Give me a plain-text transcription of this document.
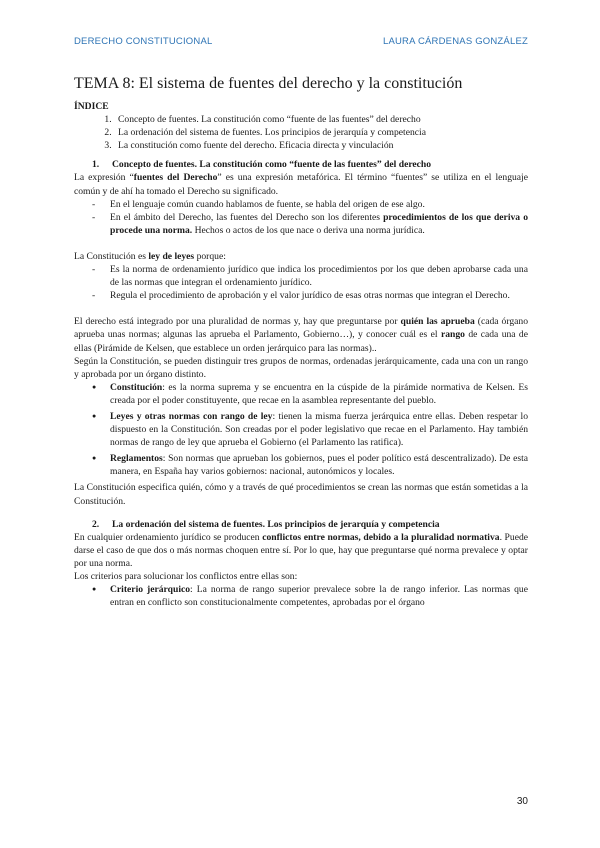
DERECHO CONSTITUCIONAL	LAURA CÁRDENAS GONZÁLEZ
TEMA 8: El sistema de fuentes del derecho y la constitución

ÍNDICE

1. Concepto de fuentes. La constitución como “fuente de las fuentes” del derecho
2. La ordenación del sistema de fuentes. Los principios de jerarquía y competencia
3. La constitución como fuente del derecho. Eficacia directa y vinculación

1. Concepto de fuentes. La constitución como “fuente de las fuentes” del derecho

La expresión “fuentes del Derecho” es una expresión metafórica. El término “fuentes” se utiliza en el lenguaje común y de ahí ha tomado el Derecho su significado.

- En el lenguaje común cuando hablamos de fuente, se habla del origen de ese algo.
- En el ámbito del Derecho, las fuentes del Derecho son los diferentes procedimientos de los que deriva o procede una norma. Hechos o actos de los que nace o deriva una norma jurídica.

La Constitución es ley de leyes porque:

- Es la norma de ordenamiento jurídico que indica los procedimientos por los que deben aprobarse cada una de las normas que integran el ordenamiento jurídico.
- Regula el procedimiento de aprobación y el valor jurídico de esas otras normas que integran el Derecho.

El derecho está integrado por una pluralidad de normas y, hay que preguntarse por quién las aprueba (cada órgano aprueba unas normas; algunas las aprueba el Parlamento, Gobierno…), y conocer cuál es el rango de cada una de ellas (Pirámide de Kelsen, que establece un orden jerárquico para las normas)..

Según la Constitución, se pueden distinguir tres grupos de normas, ordenadas jerárquicamente, cada una con un rango y aprobada por un órgano distinto.

● Constitución: es la norma suprema y se encuentra en la cúspide de la pirámide normativa de Kelsen. Es creada por el poder constituyente, que recae en la asamblea representante del pueblo.
● Leyes y otras normas con rango de ley: tienen la misma fuerza jerárquica entre ellas. Deben respetar lo dispuesto en la Constitución. Son creadas por el poder legislativo que recae en el Parlamento. Hay también normas de rango de ley que aprueba el Gobierno (el Parlamento las ratifica).
● Reglamentos: Son normas que aprueban los gobiernos, pues el poder político está descentralizado). De esta manera, en España hay varios gobiernos: nacional, autonómicos y locales.

La Constitución especifica quién, cómo y a través de qué procedimientos se crean las normas que están sometidas a la Constitución.

2. La ordenación del sistema de fuentes. Los principios de jerarquía y competencia

En cualquier ordenamiento jurídico se producen conflictos entre normas, debido a la pluralidad normativa. Puede darse el caso de que dos o más normas choquen entre sí. Por lo que, hay que preguntarse qué norma prevalece y optar por una norma.

Los criterios para solucionar los conflictos entre ellas son:

● Criterio jerárquico: La norma de rango superior prevalece sobre la de rango inferior. Las normas que entran en conflicto son constitucionalmente competentes, aprobadas por el órgano
30
